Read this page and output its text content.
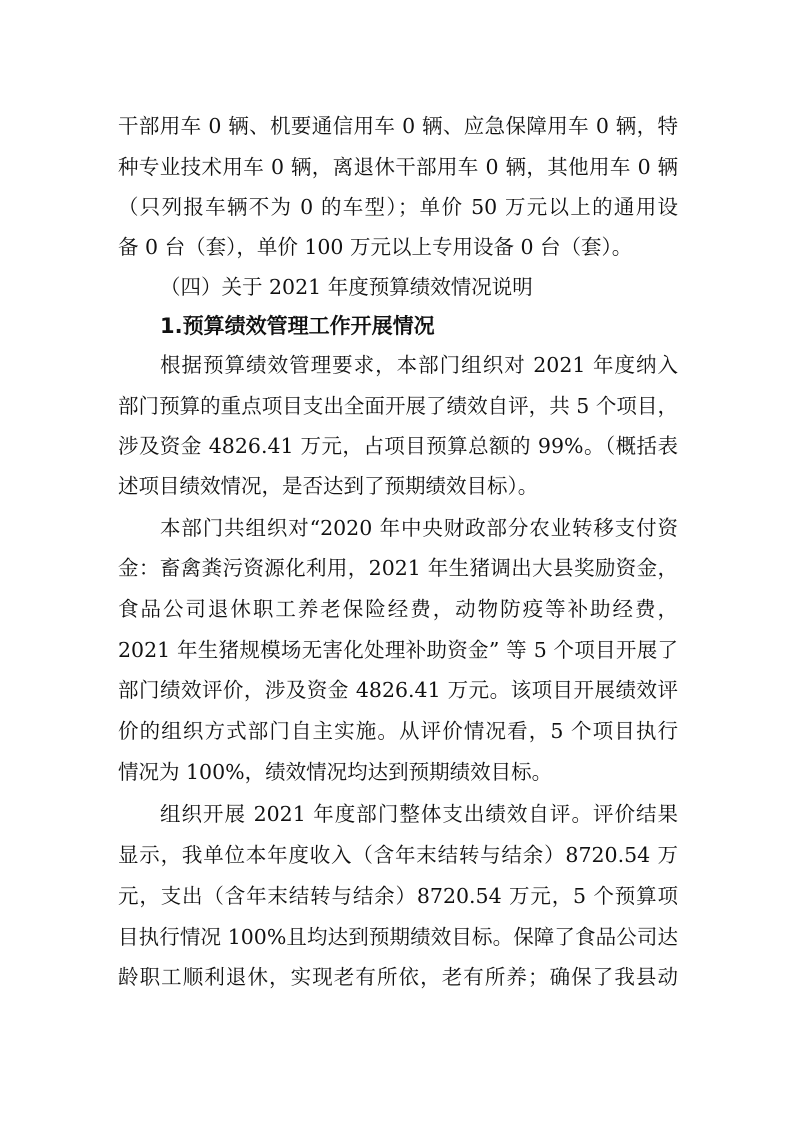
干部用车 0 辆、机要通信用车 0 辆、应急保障用车 0 辆，特
种专业技术用车 0 辆，离退休干部用车 0 辆，其他用车 0 辆
（只列报车辆不为 0 的车型）；单价 50 万元以上的通用设
备 0 台（套），单价 100 万元以上专用设备 0 台（套）。
（四）关于 2021 年度预算绩效情况说明
1.预算绩效管理工作开展情况
根据预算绩效管理要求，本部门组织对 2021 年度纳入
部门预算的重点项目支出全面开展了绩效自评，共 5 个项目，
涉及资金 4826.41 万元，占项目预算总额的 99%。（概括表
述项目绩效情况，是否达到了预期绩效目标）。
本部门共组织对“2020 年中央财政部分农业转移支付资
金：畜禽粪污资源化利用，2021 年生猪调出大县奖励资金，
食品公司退休职工养老保险经费，动物防疫等补助经费，
2021 年生猪规模场无害化处理补助资金” 等 5 个项目开展了
部门绩效评价，涉及资金 4826.41 万元。该项目开展绩效评
价的组织方式部门自主实施。从评价情况看，5 个项目执行
情况为 100%，绩效情况均达到预期绩效目标。
组织开展 2021 年度部门整体支出绩效自评。评价结果
显示，我单位本年度收入（含年末结转与结余）8720.54 万
元，支出（含年末结转与结余）8720.54 万元，5 个预算项
目执行情况 100%且均达到预期绩效目标。保障了食品公司达
龄职工顺利退休，实现老有所依，老有所养；确保了我县动
